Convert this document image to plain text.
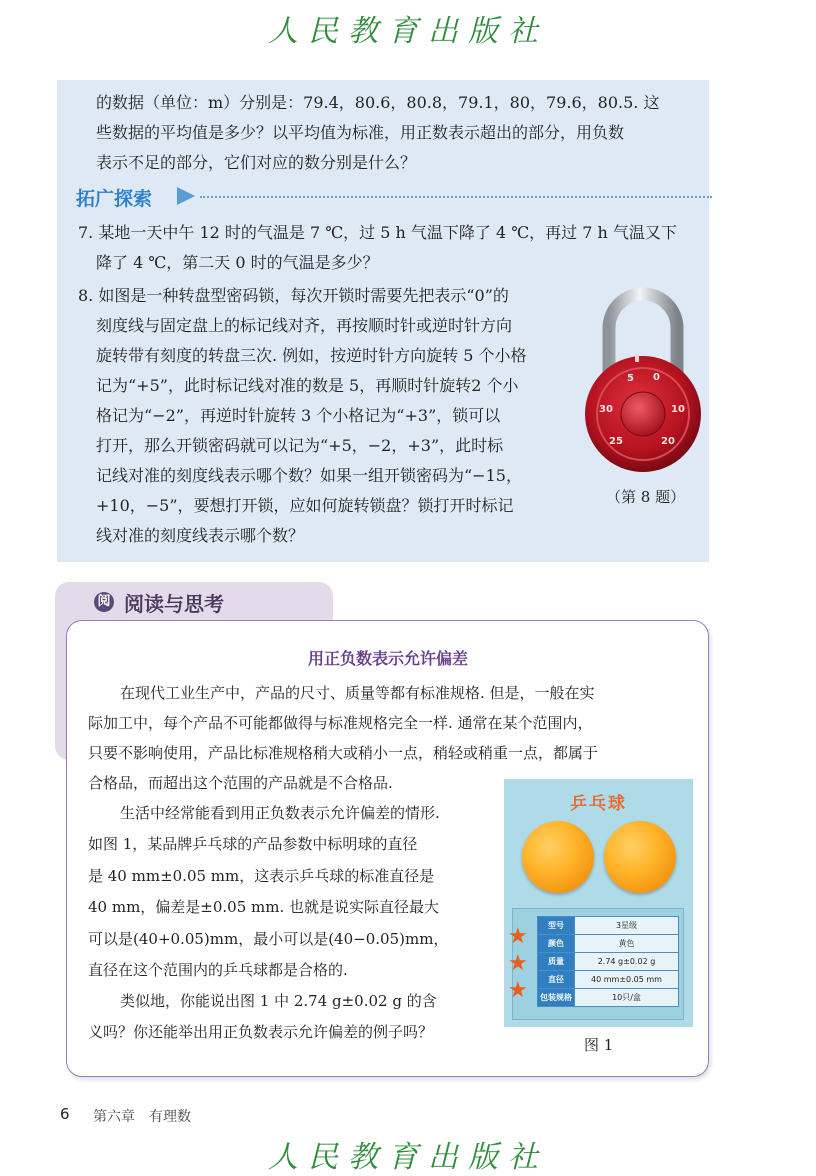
人民教育出版社
的数据（单位：m）分别是：79.4，80.6，80.8，79.1，80，79.6，80.5. 这
些数据的平均值是多少？以平均值为标准，用正数表示超出的部分，用负数
表示不足的部分，它们对应的数分别是什么？
拓广探索
7. 某地一天中午 12 时的气温是 7 ℃，过 5 h 气温下降了 4 ℃，再过 7 h 气温又下
降了 4 ℃，第二天 0 时的气温是多少？
8. 如图是一种转盘型密码锁，每次开锁时需要先把表示“0”的
刻度线与固定盘上的标记线对齐，再按顺时针或逆时针方向
旋转带有刻度的转盘三次. 例如，按逆时针方向旋转 5 个小格
记为“+5”，此时标记线对准的数是 5，再顺时针旋转2 个小
格记为“−2”，再逆时针旋转 3 个小格记为“+3”，锁可以
打开，那么开锁密码就可以记为“+5，−2，+3”，此时标
记线对准的刻度线表示哪个数？如果一组开锁密码为“−15，
+10，−5”，要想打开锁，应如何旋转锁盘？锁打开时标记
线对准的刻度线表示哪个数？
5 0
10
30
25	20
（第 8 题）
阅 阅读与思考
用正负数表示允许偏差
在现代工业生产中，产品的尺寸、质量等都有标准规格. 但是，一般在实
际加工中，每个产品不可能都做得与标准规格完全一样. 通常在某个范围内，
只要不影响使用，产品比标准规格稍大或稍小一点，稍轻或稍重一点，都属于
合格品，而超出这个范围的产品就是不合格品.
生活中经常能看到用正负数表示允许偏差的情形.
如图 1，某品牌乒乓球的产品参数中标明球的直径
是 40 mm±0.05 mm，这表示乒乓球的标准直径是
40 mm，偏差是±0.05 mm. 也就是说实际直径最大
可以是(40+0.05)mm，最小可以是(40−0.05)mm，
直径在这个范围内的乒乓球都是合格的.
类似地，你能说出图 1 中 2.74 g±0.02 g 的含
义吗？你还能举出用正负数表示允许偏差的例子吗？
乒乓球
型号	3星级
颜色	黄色
质量	2.74 g±0.02 g
直径	40 mm±0.05 mm
包装规格	10只/盒
★
★
★
图 1
6 第六章　有理数
人民教育出版社
